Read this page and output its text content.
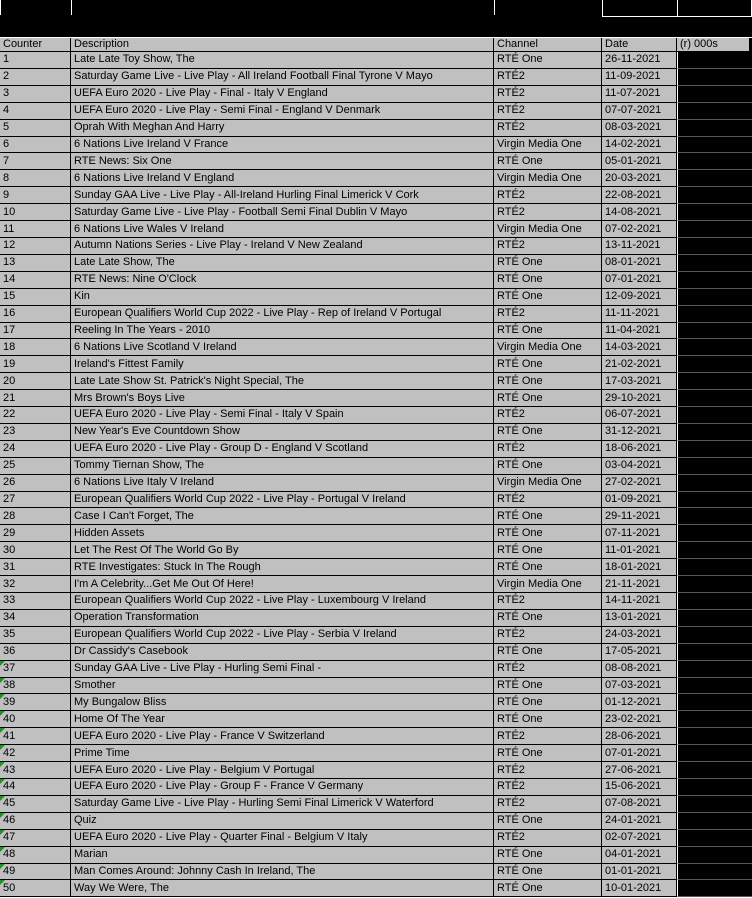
Counter	Description	Channel	Date	(r) 000s
1	Late Late Toy Show, The	RTÉ One	26-11-2021
2	Saturday Game Live - Live Play - All Ireland Football Final Tyrone V Mayo	RTÉ2	11-09-2021
3	UEFA Euro 2020 - Live Play - Final - Italy V England	RTÉ2	11-07-2021
4	UEFA Euro 2020 - Live Play - Semi Final - England V Denmark	RTÉ2	07-07-2021
5	Oprah With Meghan And Harry	RTÉ2	08-03-2021
6	6 Nations Live Ireland V France	Virgin Media One 14-02-2021
7	RTE News: Six One	RTÉ One	05-01-2021
8	6 Nations Live Ireland V England	Virgin Media One 20-03-2021
9	Sunday GAA Live - Live Play - All-Ireland Hurling Final Limerick V Cork	RTÉ2	22-08-2021
10	Saturday Game Live - Live Play - Football Semi Final Dublin V Mayo	RTÉ2	14-08-2021
11	6 Nations Live Wales V Ireland	Virgin Media One 07-02-2021
12	Autumn Nations Series - Live Play - Ireland V New Zealand	RTÉ2	13-11-2021
13	Late Late Show, The	RTÉ One	08-01-2021
14	RTE News: Nine O'Clock	RTÉ One	07-01-2021
15	Kin	RTÉ One	12-09-2021
16	European Qualifiers World Cup 2022 - Live Play - Rep of Ireland V Portugal	RTÉ2	11-11-2021
17	Reeling In The Years - 2010	RTÉ One	11-04-2021
18	6 Nations Live Scotland V Ireland	Virgin Media One 14-03-2021
19	Ireland's Fittest Family	RTÉ One	21-02-2021
20	Late Late Show St. Patrick's Night Special, The	RTÉ One	17-03-2021
21	Mrs Brown's Boys Live	RTÉ One	29-10-2021
22	UEFA Euro 2020 - Live Play - Semi Final - Italy V Spain	RTÉ2	06-07-2021
23	New Year's Eve Countdown Show	RTÉ One	31-12-2021
24	UEFA Euro 2020 - Live Play - Group D - England V Scotland	RTÉ2	18-06-2021
25	Tommy Tiernan Show, The	RTÉ One	03-04-2021
26	6 Nations Live Italy V Ireland	Virgin Media One 27-02-2021
27	European Qualifiers World Cup 2022 - Live Play - Portugal V Ireland	RTÉ2	01-09-2021
28	Case I Can't Forget, The	RTÉ One	29-11-2021
29	Hidden Assets	RTÉ One	07-11-2021
30	Let The Rest Of The World Go By	RTÉ One	11-01-2021
31	RTE Investigates: Stuck In The Rough	RTÉ One	18-01-2021
32	I'm A Celebrity...Get Me Out Of Here!	Virgin Media One 21-11-2021
33	European Qualifiers World Cup 2022 - Live Play - Luxembourg V Ireland	RTÉ2	14-11-2021
34	Operation Transformation	RTÉ One	13-01-2021
35	European Qualifiers World Cup 2022 - Live Play - Serbia V Ireland	RTÉ2	24-03-2021
36	Dr Cassidy's Casebook	RTÉ One	17-05-2021
37	Sunday GAA Live - Live Play - Hurling Semi Final -	RTÉ2	08-08-2021
38	Smother	RTÉ One	07-03-2021
39	My Bungalow Bliss	RTÉ One	01-12-2021
40	Home Of The Year	RTÉ One	23-02-2021
41	UEFA Euro 2020 - Live Play - France V Switzerland	RTÉ2	28-06-2021
42	Prime Time	RTÉ One	07-01-2021
43	UEFA Euro 2020 - Live Play - Belgium V Portugal	RTÉ2	27-06-2021
44	UEFA Euro 2020 - Live Play - Group F - France V Germany	RTÉ2	15-06-2021
45	Saturday Game Live - Live Play - Hurling Semi Final Limerick V Waterford	RTÉ2	07-08-2021
46	Quiz	RTÉ One	24-01-2021
47	UEFA Euro 2020 - Live Play - Quarter Final - Belgium V Italy	RTÉ2	02-07-2021
48	Marian	RTÉ One	04-01-2021
49	Man Comes Around: Johnny Cash In Ireland, The	RTÉ One	01-01-2021
50	Way We Were, The	RTÉ One	10-01-2021
